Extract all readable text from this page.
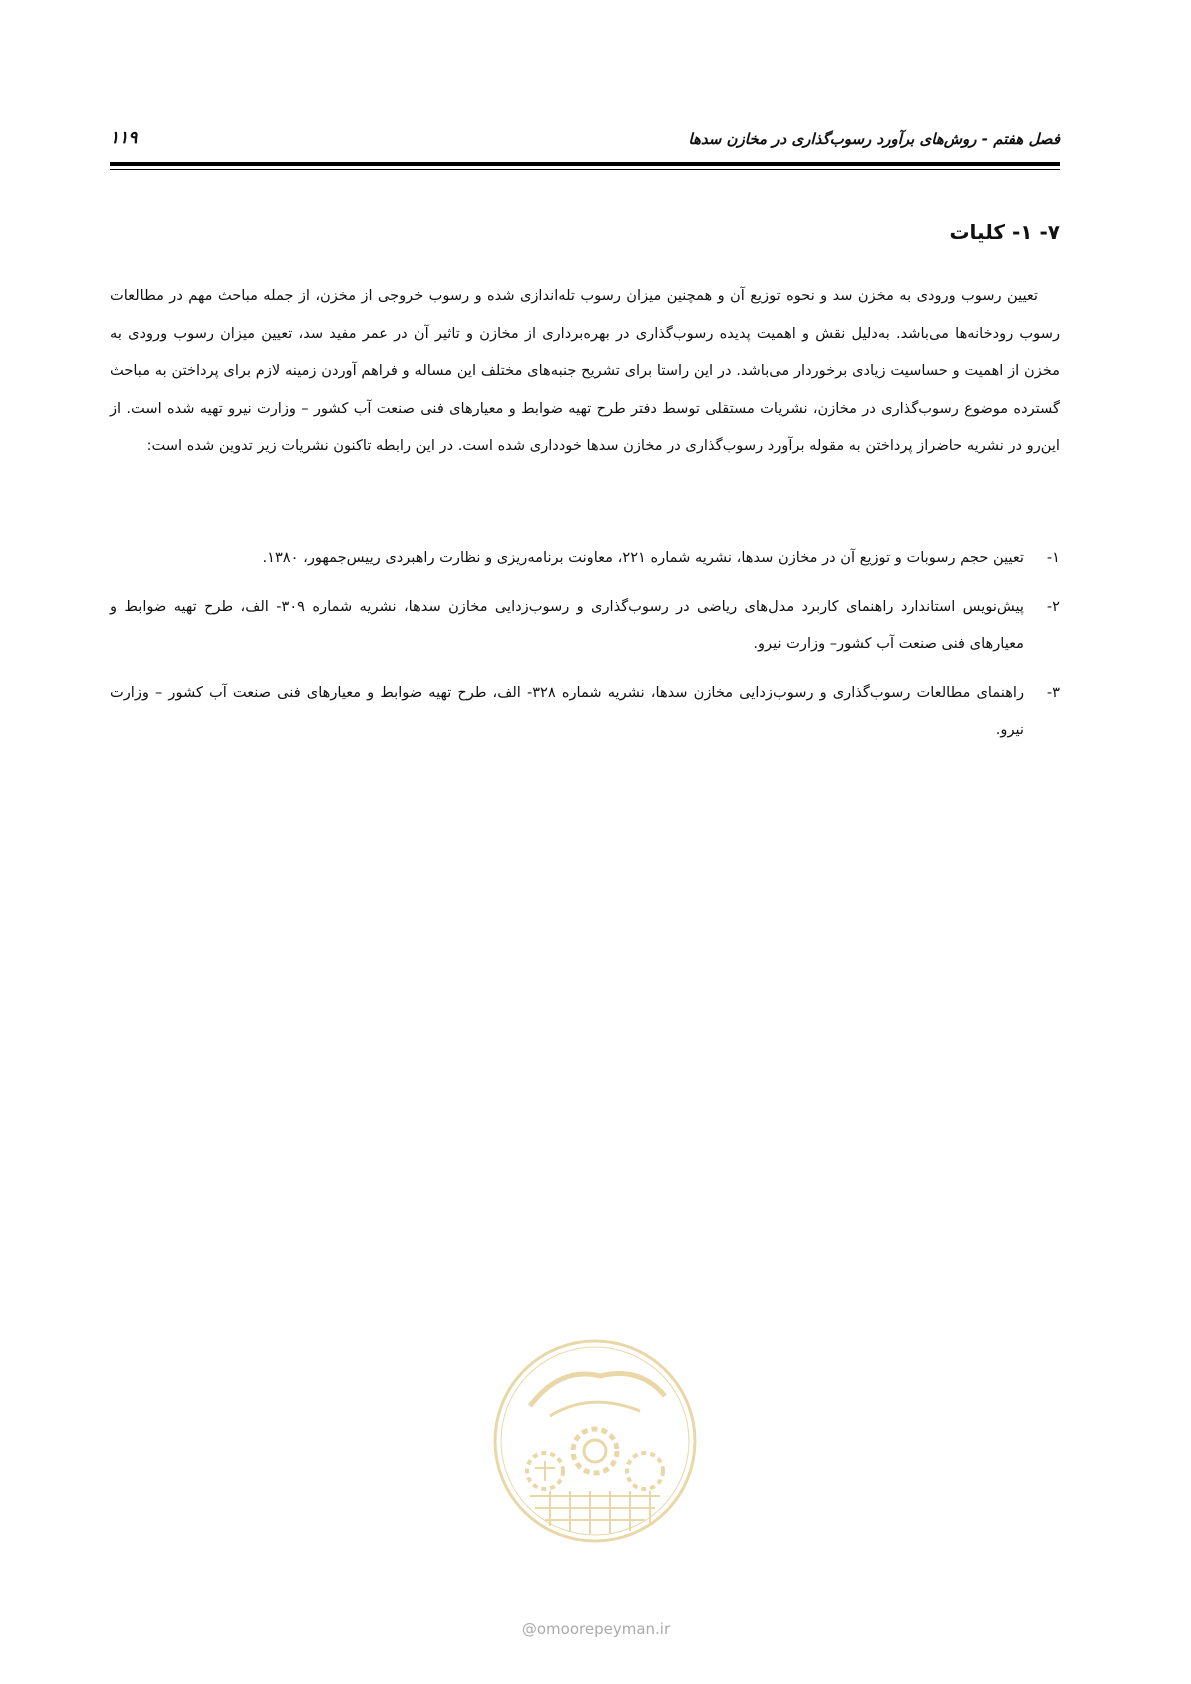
فصل هفتم - روش‌های برآورد رسوب‌گذاری در مخازن سدها
۱۱۹
۷- ۱- کلیات

تعیین رسوب ورودی به مخزن سد و نحوه توزیع آن و همچنین میزان رسوب تله‌اندازی شده و رسوب خروجی از مخزن، از جمله مباحث مهم در مطالعات رسوب رودخانه‌ها می‌باشد. به‌دلیل نقش و اهمیت پدیده رسوب‌گذاری در بهره‌برداری از مخازن و تاثیر آن در عمر مفید سد، تعیین میزان رسوب ورودی به مخزن از اهمیت و حساسیت زیادی برخوردار می‌باشد. در این راستا برای تشریح جنبه‌های مختلف این مساله و فراهم آوردن زمینه لازم برای پرداختن به مباحث گسترده موضوع رسوب‌گذاری در مخازن، نشریات مستقلی توسط دفتر طرح تهیه ضوابط و معیارهای فنی صنعت آب کشور – وزارت نیرو تهیه شده است. از این‌رو در نشریه حاضراز پرداختن به مقوله برآورد رسوب‌گذاری در مخازن سدها خودداری شده است. در این رابطه تاکنون نشریات زیر تدوین شده است:

۱-
تعیین حجم رسوبات و توزیع آن در مخازن سدها، نشریه شماره ۲۲۱، معاونت برنامه‌ریزی و نظارت راهبردی رییس‌جمهور، ۱۳۸۰.
۲-
پیش‌نویس استاندارد راهنمای کاربرد مدل‌های ریاضی در رسوب‌گذاری و رسوب‌زدایی مخازن سدها، نشریه شماره ۳۰۹- الف، طرح تهیه ضوابط و معیارهای فنی صنعت آب کشور– وزارت نیرو.
۳-
راهنمای مطالعات رسوب‌گذاری و رسوب‌زدایی مخازن سدها، نشریه شماره ۳۲۸- الف، طرح تهیه ضوابط و معیارهای فنی صنعت آب کشور – وزارت نیرو.
@omoorepeyman.ir
